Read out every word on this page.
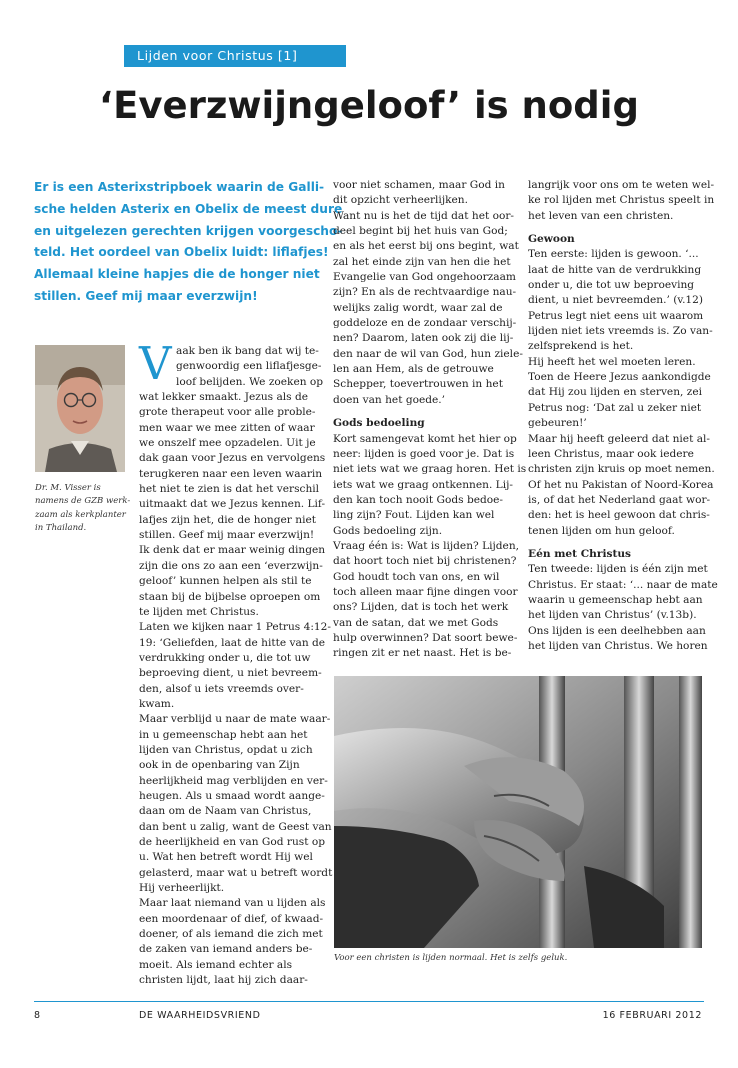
Lijden voor Christus [1]
‘Everzwijngeloof’ is nodig

Er is een Asterixstripboek waarin de Galli-

sche helden Asterix en Obelix de meest dure

en uitgelezen gerechten krijgen voorgescho-

teld. Het oordeel van Obelix luidt: liflafjes!

Allemaal kleine hapjes die de honger niet

stillen. Geef mij maar everzwijn!

Dr. M. Visser is

namens de GZB werk-

zaam als kerkplanter

in Thailand.

V aak ben ik bang dat wij te-

genwoordig een liflafjesge-

loof belijden. We zoeken op

wat lekker smaakt. Jezus als de

grote therapeut voor alle proble-

men waar we mee zitten of waar

we onszelf mee opzadelen. Uit je

dak gaan voor Jezus en vervolgens

terugkeren naar een leven waarin

het niet te zien is dat het verschil

uitmaakt dat we Jezus kennen. Lif-

lafjes zijn het, die de honger niet

stillen. Geef mij maar everzwijn!

Ik denk dat er maar weinig dingen

zijn die ons zo aan een ‘everzwijn-

geloof’ kunnen helpen als stil te

staan bij de bijbelse oproepen om

te lijden met Christus.

Laten we kijken naar 1 Petrus 4:12-

19: ‘Geliefden, laat de hitte van de

verdrukking onder u, die tot uw

beproeving dient, u niet bevreem-

den, alsof u iets vreemds over-

kwam.

Maar verblijd u naar de mate waar-

in u gemeenschap hebt aan het

lijden van Christus, opdat u zich

ook in de openbaring van Zijn

heerlijkheid mag verblijden en ver-

heugen. Als u smaad wordt aange-

daan om de Naam van Christus,

dan bent u zalig, want de Geest van

de heerlijkheid en van God rust op

u. Wat hen betreft wordt Hij wel

gelasterd, maar wat u betreft wordt

Hij verheerlijkt.

Maar laat niemand van u lijden als

een moordenaar of dief, of kwaad-

doener, of als iemand die zich met

de zaken van iemand anders be-

moeit. Als iemand echter als

christen lijdt, laat hij zich daar-

voor niet schamen, maar God in

dit opzicht verheerlijken.

Want nu is het de tijd dat het oor-

deel begint bij het huis van God;

en als het eerst bij ons begint, wat

zal het einde zijn van hen die het

Evangelie van God ongehoorzaam

zijn? En als de rechtvaardige nau-

welijks zalig wordt, waar zal de

goddeloze en de zondaar verschij-

nen? Daarom, laten ook zij die lij-

den naar de wil van God, hun ziele-

len aan Hem, als de getrouwe

Schepper, toevertrouwen in het

doen van het goede.’

Gods bedoeling

Kort samengevat komt het hier op

neer: lijden is goed voor je. Dat is

niet iets wat we graag horen. Het is

iets wat we graag ontkennen. Lij-

den kan toch nooit Gods bedoe-

ling zijn? Fout. Lijden kan wel

Gods bedoeling zijn.

Vraag één is: Wat is lijden? Lijden,

dat hoort toch niet bij christenen?

God houdt toch van ons, en wil

toch alleen maar fijne dingen voor

ons? Lijden, dat is toch het werk

van de satan, dat we met Gods

hulp overwinnen? Dat soort bewe-

ringen zit er net naast. Het is be-

langrijk voor ons om te weten wel-

ke rol lijden met Christus speelt in

het leven van een christen.

Gewoon

Ten eerste: lijden is gewoon. ‘...

laat de hitte van de verdrukking

onder u, die tot uw beproeving

dient, u niet bevreemden.’ (v.12)

Petrus legt niet eens uit waarom

lijden niet iets vreemds is. Zo van-

zelfsprekend is het.

Hij heeft het wel moeten leren.

Toen de Heere Jezus aankondigde

dat Hij zou lijden en sterven, zei

Petrus nog: ‘Dat zal u zeker niet

gebeuren!’

Maar hij heeft geleerd dat niet al-

leen Christus, maar ook iedere

christen zijn kruis op moet nemen.

Of het nu Pakistan of Noord-Korea

is, of dat het Nederland gaat wor-

den: het is heel gewoon dat chris-

tenen lijden om hun geloof.

Eén met Christus

Ten tweede: lijden is één zijn met

Christus. Er staat: ‘... naar de mate

waarin u gemeenschap hebt aan

het lijden van Christus’ (v.13b).

Ons lijden is een deelhebben aan

het lijden van Christus. We horen

Voor een christen is lijden normaal. Het is zelfs geluk.
8	DE WAARHEIDSVRIEND	16 FEBRUARI 2012
